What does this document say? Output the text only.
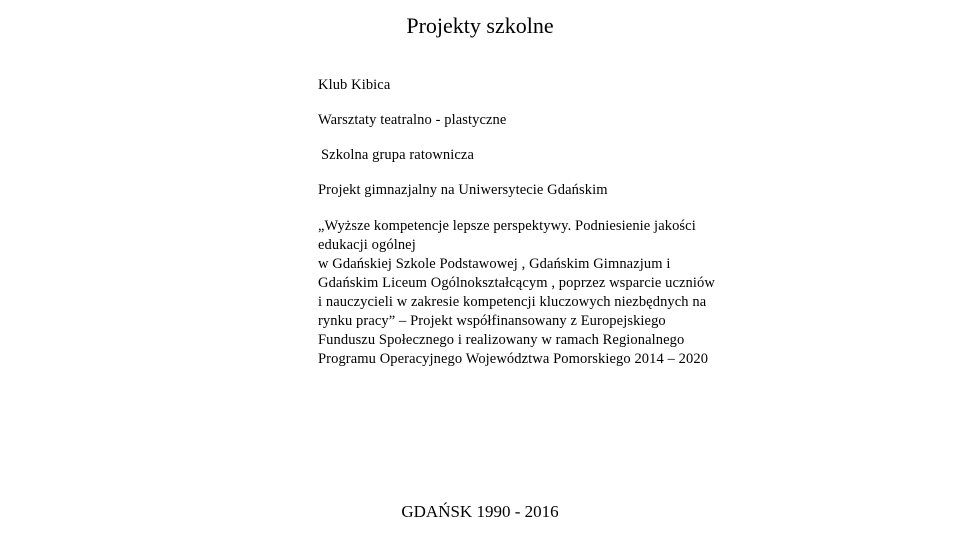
Projekty szkolne
Klub Kibica
Warsztaty teatralno - plastyczne
Szkolna grupa ratownicza
Projekt gimnazjalny na Uniwersytecie Gdańskim
„Wyższe kompetencje lepsze perspektywy. Podniesienie jakości
edukacji ogólnej
w Gdańskiej Szkole Podstawowej , Gdańskim Gimnazjum i
Gdańskim Liceum Ogólnokształcącym , poprzez wsparcie uczniów
i nauczycieli w zakresie kompetencji kluczowych niezbędnych na
rynku pracy” – Projekt współfinansowany z Europejskiego
Funduszu Społecznego i realizowany w ramach Regionalnego
Programu Operacyjnego Województwa Pomorskiego 2014 – 2020
GDAŃSK 1990 - 2016
